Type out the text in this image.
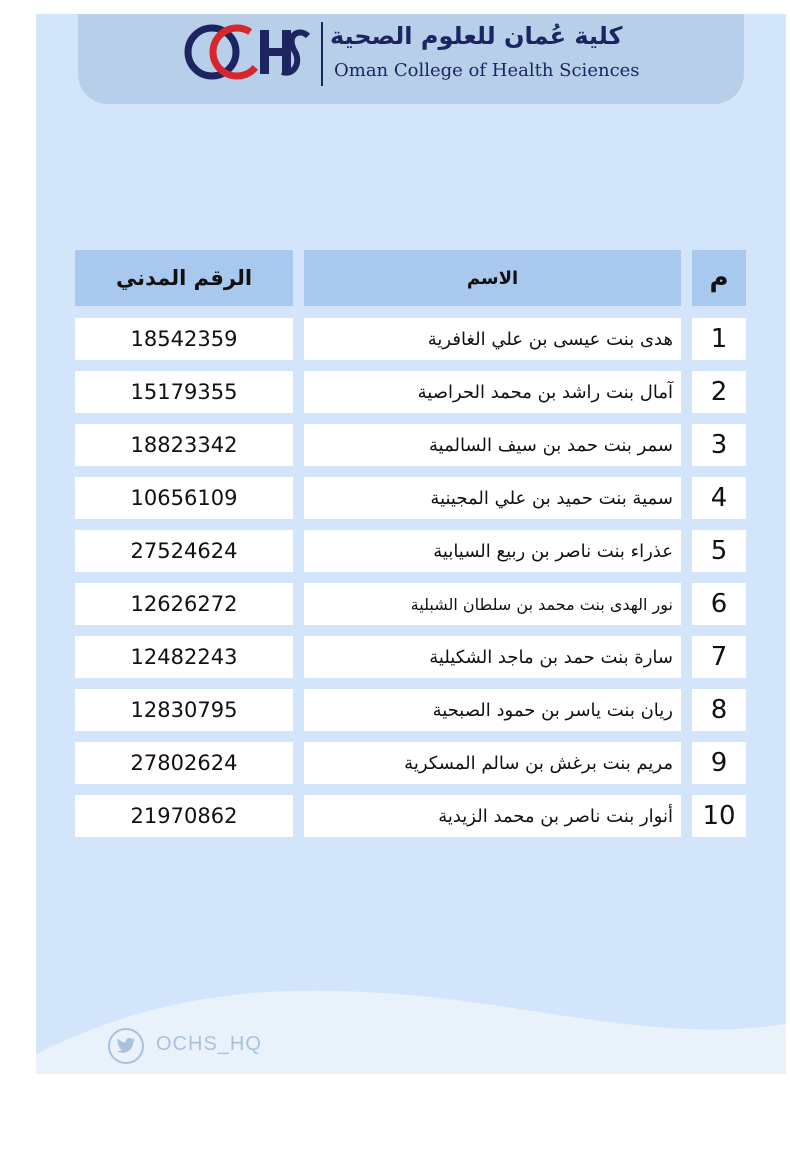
كلية عُمان للعلوم الصحية
Oman College of Health Sciences
الرقم المدني	الاسم	م
18542359	هدى بنت عيسى بن علي الغافرية	1
15179355	آمال بنت راشد بن محمد الحراصية	2
18823342	سمر بنت حمد بن سيف السالمية	3
10656109	سمية بنت حميد بن علي المجينية	4
27524624	عذراء بنت ناصر بن ربيع السيابية	5
12626272	نور الهدى بنت محمد بن سلطان الشبلية	6
12482243	سارة بنت حمد بن ماجد الشكيلية	7
12830795	ريان بنت ياسر بن حمود الصبحية	8
27802624	مريم بنت برغش بن سالم المسكرية	9
21970862	أنوار بنت ناصر بن محمد الزيدية	10
OCHS_HQ
